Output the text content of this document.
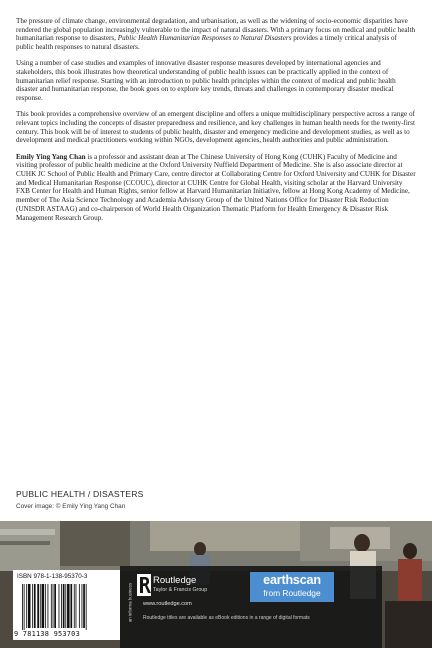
The pressure of climate change, environmental degradation, and urbanisation, as well as the widening of socio-economic disparities have rendered the global population increasingly vulnerable to the impact of natural disasters. With a primary focus on medical and public health humanitarian response to disasters, Public Health Humanitarian Responses to Natural Disasters provides a timely critical analysis of public health responses to natural disasters.

Using a number of case studies and examples of innovative disaster response measures developed by international agencies and stakeholders, this book illustrates how theoretical understanding of public health issues can be practically applied in the context of humanitarian relief response. Starting with an introduction to public health principles within the context of medical and public health disaster and humanitarian response, the book goes on to explore key trends, threats and challenges in contemporary disaster medical response.

This book provides a comprehensive overview of an emergent discipline and offers a unique multidisciplinary perspective across a range of relevant topics including the concepts of disaster preparedness and resilience, and key challenges in human health needs for the twenty-first century. This book will be of interest to students of public health, disaster and emergency medicine and development studies, as well as to development and medical practitioners working within NGOs, development agencies, health authorities and public administration.

Emily Ying Yang Chan is a professor and assistant dean at The Chinese University of Hong Kong (CUHK) Faculty of Medicine and visiting professor of public health medicine at the Oxford University Nuffield Department of Medicine. She is also associate director at CUHK JC School of Public Health and Primary Care, centre director at Collaborating Centre for Oxford University and CUHK for Disaster and Medical Humanitarian Response (CCOUC), director at CUHK Centre for Global Health, visiting scholar at the Harvard University FXB Center for Health and Human Rights, senior fellow at Harvard Humanitarian Initiative, fellow at Hong Kong Academy of Medicine, member of The Asia Science Technology and Academia Advisory Group of the United Nations Office for Disaster Risk Reduction (UNISDR ASTAAG) and co-chairperson of World Health Organization Thematic Platform for Health Emergency & Disaster Risk Management Research Group.

PUBLIC HEALTH / DISASTERS
Cover image: © Emily Ying Yang Chan
ISBN 978-1-138-95370-3
9 781138 953703
an informa business
Routledge
Taylor & Francis Group
www.routledge.com
earthscan
from Routledge
Routledge titles are available as eBook editions in a range of digital formats
